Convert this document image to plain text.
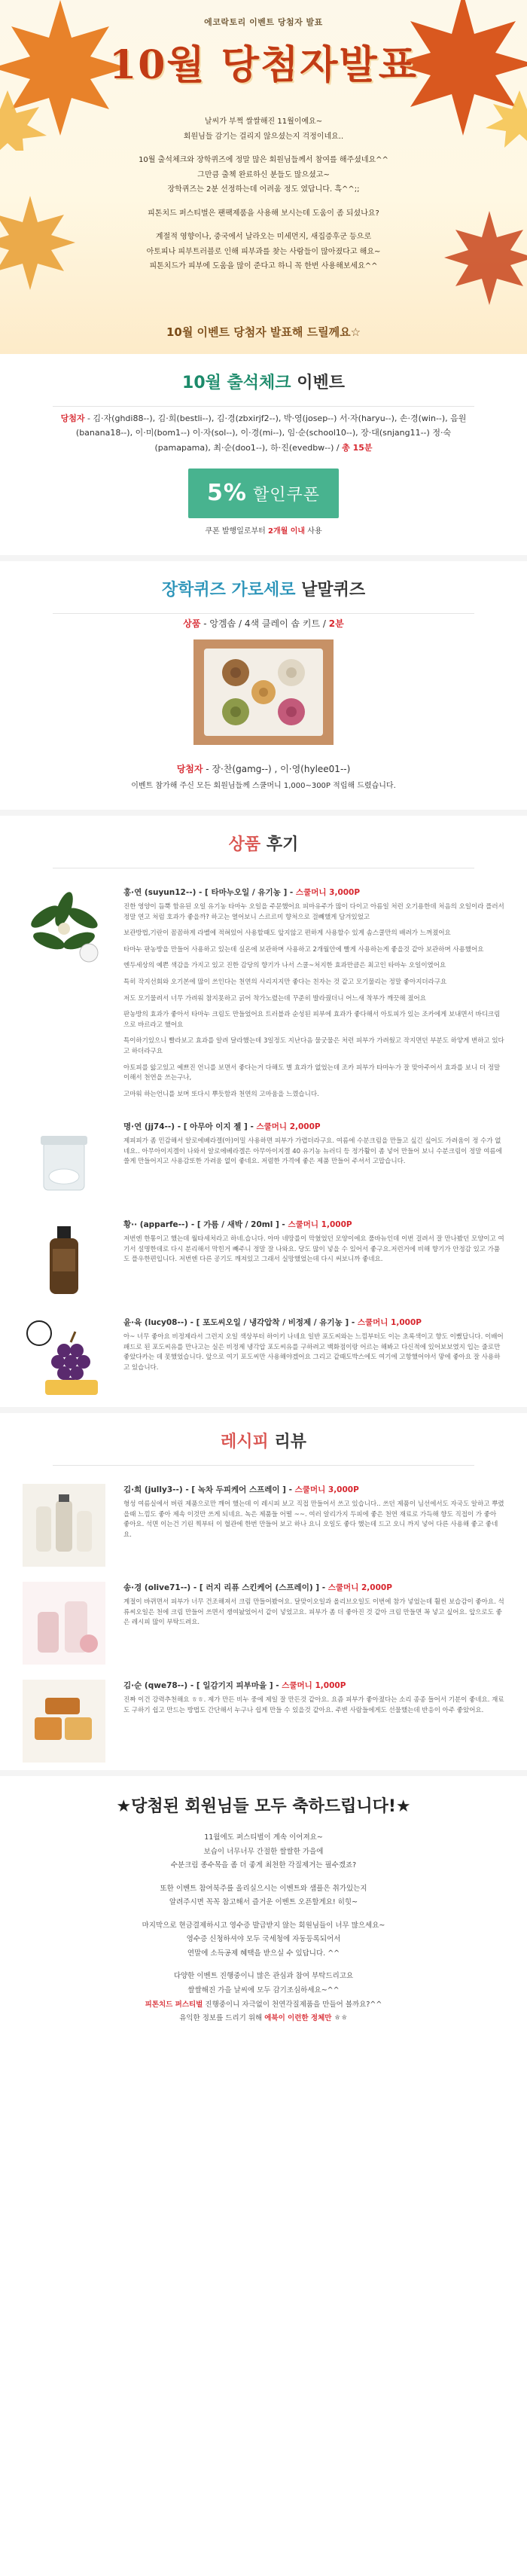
에코락토리 이벤트 당첨자 발표
10월 당첨자발표

날씨가 부쩍 쌀쌀해진 11월이예요~

회원님들 감기는 걸리지 않으셨는지 걱정이네요..

10월 출석체크와 장학퀴즈에 정말 많은 회원님들께서 참여를 해주셨네요^^

그만큼 출첵 완료하신 분들도 많으셨고~

장학퀴즈는 2분 선정하는데 어려움 정도 였답니다. 흑^^;;

피톤치드 퍼스티벌은 팬팩제품을 사용해 보시는데 도움이 좀 되셨나요?

계절적 영향이나, 중국에서 날라오는 미세먼지, 새집증후군 등으로

아토피나 피부트러블로 인해 피부과를 찾는 사람들이 많아졌다고 해요~

피톤치드가 피부에 도움을 많이 준다고 하니 꼭 한번 사용해보세요^^

10월 이벤트 당첨자 발표해 드릴께요☆
10월 출석체크 이벤트
당첨자 - 김·자(ghdi88--), 김·희(bestli--), 김·경(zbxirjf2--), 박·영(josep--) 서·자(haryu--), 손·경(win--), 음원(banana18--), 이·미(bom1--) 이·자(sol--), 이·경(mi--), 임·순(school10--), 장·대(snjang11--) 정·숙(pamapama), 최·순(doo1--), 하·진(evedbw--) / 총 15분
5% 할인쿠폰
쿠폰 발행일로부터 2개월 이내 사용
장학퀴즈 가로세로 낱말퀴즈
상품 - 앙겜솝 / 4색 클레이 솝 키트 / 2분
당첨자 - 장·찬(gamg--) , 이·영(hylee01--)
이벤트 참가해 주신 모든 회원님들께 스쿨머니 1,000~300P 적립해 드렸습니다.
상품 후기
홍·연 (suyun12--) - [ 타마누오일 / 유기농 ] - 스쿨머니 3,000P

진한 영양이 듬뿍 함유된 오일 유기농 타마누 오일을 주문했어요 피마유주가 많이 다이고 아름일 처런 오기용한데 처음의 오일이라 플러서 정말 연고 처럼 호과가 좋을까? 하고는 열어보니 스르르미 향처으로 걸빼했게 담겨있었고

보관방법,기란이 꼼꼼하게 라벨에 적혀있어 사용할때도 앞지않고 편하게 사용할수 있게 솜스쿨만의 배려가 느껴졌어요

타마누 판농방을 만들어 사용하고 있는데 실온에 보관하며 사용하고 2개월안에 빨게 사용하는게 좋을것 같아 보관하며 사용했어요

엔두세상의 예쁜 색감을 가지고 있고 진한 감당의 향기가 나서 스쿨~처지한 효과만큼은 최고인 타마누 오일이였어요

특히 작지선회와 오기본에 많이 쓰인다는 천연의 사리지지만 좋다는 친자는 것 같고 모기물리는 정말 좋아지더라구요

저도 모기물려서 너무 가려워 참지못하고 긁어 착가노렸는데 꾸준히 발라줬더니 어느새 착부가 깨끗해 졌어요

판농방의 효과가 좋아서 타마누 크림도 만들었어요 트러블과 순성된 피부에 효과가 좋다해서 아토피가 있는 조카에게 보내면서 바디크림으로 바르라고 했어요

특이하기있으니 빨라보고 효과를 알려 달라했는데 3일정도 지난다음 물굿물은 처런 피부가 가려웠고 작지면던 부분도 하얗게 변하고 있다고 하더라구요

아토피를 앓고있고 예쁘진 언니를 보면서 좋다는거 다해도 별 효과가 없었는데 조카 피부가 타마누가 잘 맞아주어서 효과를 보니 더 정말 이해서 천연을 쓰는구나,

고마워 하는언니를 보며 또다시 뿌듯함과 천연의 고마움을 느꼈습니다.

명·연 (jj74--) - [ 아무아 이지 젤 ] - 스쿨머니 2,000P

제피피가 좀 민감해서 알로에베라겔(아)이밀 사용하면 피부가 가렵더라구요. 여름에 수분크림을 만들고 싶긴 싶어도 가려움이 정 수가 없네요.. 아무아이지겔이 나와서 알로에베라겔은 아무아이지겔 40 유기농 뉴러디 등 정가활이 좀 넣어 만들어 보니 수분크림이 정말 여름에 쓸게 만들어지고 사용감또한 가려움 없이 좋네요. 저렴한 가격에 좋은 제품 만들어 주셔서 고맙습니다.

황·· (apparfe--) - [ 가름 / 새박 / 20ml ] - 스쿨머니 1,000P

저번엔 한통이고 했는데 월타세처라고 하네.습니다. 아마 네땅를이 막혔었던 모양이에요 풀바뉴인데 이번 걸려서 잘 만나봤던 모양이고 여기서 설명한데로 다시 분리해서 막힌거 빼주니 정말 잘 나와요. 당도 많이 넣을 수 있어서 좋구요.저런거에 비해 향기가 안정감 있고 가품도 플우한편입니다. 저번엔 다른 공기도 깨져있고 그래서 실망했었는데 다시 써보니까 좋네요.

윤·육 (lucy08--) - [ 포도씨오일 / 냉각압착 / 비정제 / 유기농 ] - 스쿨머니 1,000P

아~ 너무 좋아요 비정제라서 그런지 오일 색상부터 하이키 나네요 일반 포도씨와는 느낌부터도 이는 초록색이고 향도 이뻤답니다. 이배어 패드로 된 포도씨유를 만나고는 실은 비정제 냉각압 포도씨유를 구하려고 백화점이랑 어르는 해봐고 다신적에 있어보보였지 입는 줄로만 좋았다카는 데 못했었습니다. 앞으로 여기 포도씨만 사용해야겠어요 그리고 같때도박스에도 여기에 고항했어야서 맣에 좋아요 잘 사용하고 있습니다.

레시피 리뷰
김·희 (jully3--) - [ 녹차 두피케어 스프레이 ] - 스쿨머니 3,000P

형성 여름실에서 버린 제품으로만 깨어 했는데 이 레시피 보고 직접 만들어서 쓰고 있습니다.. 쓰던 제품이 님선에서도 자국도 알하고 뿌렸을때 느낌도 좋아 제속 이것만 쓰게 되네요. 녹은 제품들 어떨 ~~. 여러 알리가지 두피에 좋은 천연 재료로 가득해 향도 직접이 가 좋아 좋아요. 석면 이는건 기린 찍부터 이 혈관에 한번 만들어 보고 하나 요니 오일도 좋다 했는데 드고 오니 까지 넣어 다른 사용해 좋고 좋네요.

송·경 (olive71--) - [ 러지 리퓨 스킨케어 (스프레이) ] - 스쿨머니 2,000P

계절이 바뀌면서 피부가 너무 건조해져서 크림 만들어봤어요. 달맞이오일과 올리브오일도 이번에 참가 넣었는데 훨씬 보습감이 좋아요. 석류씨오일은 천에 크림 만들어 쓰면서 쟁여놨었어서 같이 넣었고요. 피부가 좀 더 좋아진 것 같아 크림 만들면 꼭 넣고 싶어요. 앞으로도 좋은 레시피 많이 부탁드려요.

김·순 (qwe78--) - [ 일감기지 피부마을 ] - 스쿨머니 1,000P

진짜 이건 강력추천해요 ㅎㅎ. 제가 만든 비누 중에 제일 잘 만든것 같아요. 요즘 피부가 좋아졌다는 소리 종종 들어서 기분이 좋네요. 재료도 구하기 쉽고 만드는 방법도 간단해서 누구나 쉽게 만들 수 있을것 같아요. 주변 사람들에게도 선물했는데 반응이 아주 좋았어요.

★당첨된 회원님들 모두 축하드립니다!★

11월에도 퍼스티벌이 계속 이어져요~

보습이 너무너무 간절한 쌀쌀한 가을에

수분크림 종수목을 좀 더 좋게 최천한 각질제거는 필수겠죠?

또한 이벤트 참여북주를 올리실으시는 이벤트와 샘플은 취가있는지

알려주시면 꼭꼭 참고해서 즐거운 이벤트 오픈할게요! 히힛~

마지막으로 현금결제하시고 영수증 발급받지 않는 회원님들이 너무 많으세요~

영수증 신청하셔야 모두 국세청에 자동등록되어서

연말에 소득공제 혜택을 받으실 수 있답니다. ^^

다양한 이벤트 진행중이니 많은 관심과 참여 부탁드리고요

쌀쌀해진 가을 날씨에 모두 감기조심하세요~^^

피톤치드 퍼스티벌 진행중이니 자극없이 천연각질제품을 만들어 볼까요?^^

유익한 정보를 드리기 위해 에북이 이런한 정체만 ㅎㅎ
